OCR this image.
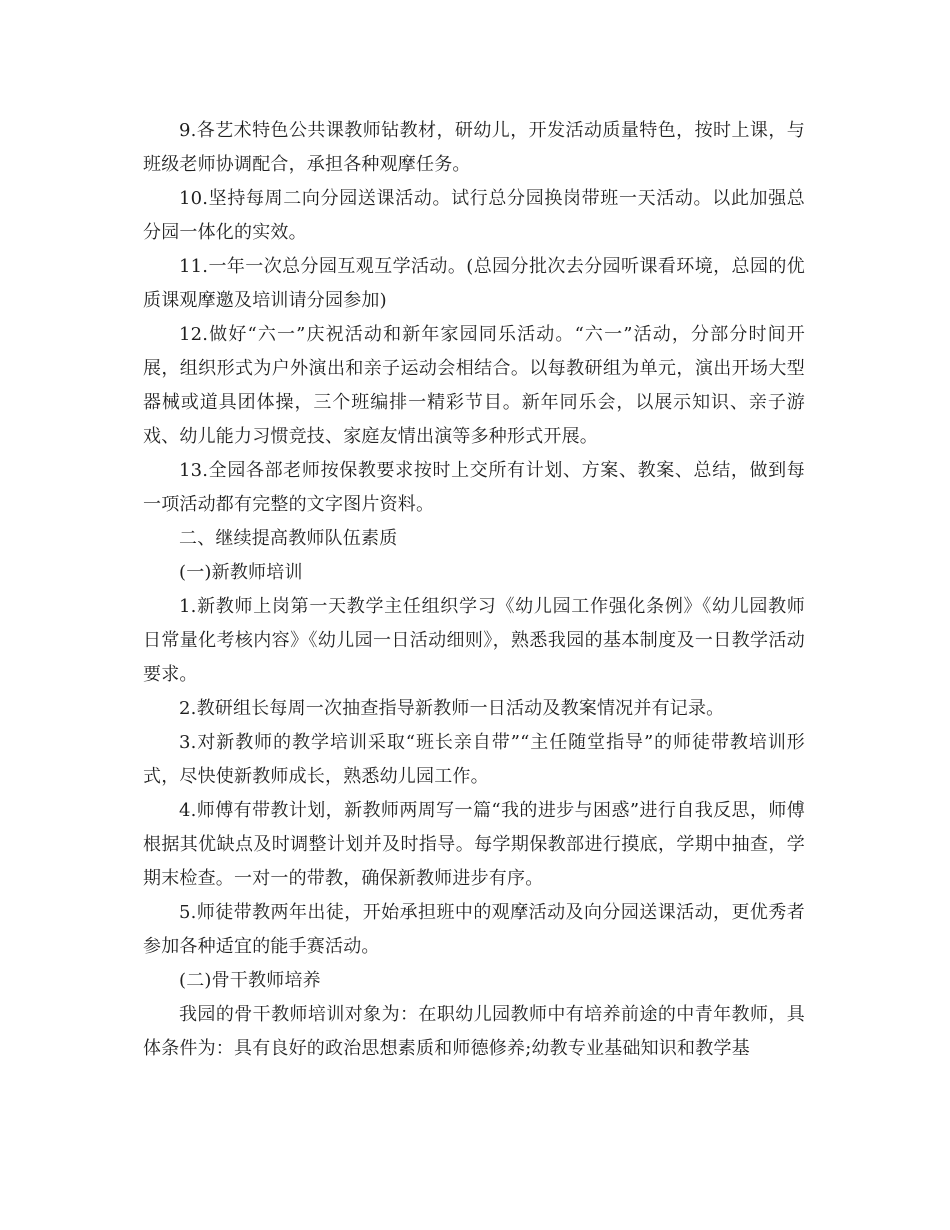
9.各艺术特色公共课教师钻教材，研幼儿，开发活动质量特色，按时上课，与班级老师协调配合，承担各种观摩任务。

10.坚持每周二向分园送课活动。试行总分园换岗带班一天活动。以此加强总分园一体化的实效。

11.一年一次总分园互观互学活动。(总园分批次去分园听课看环境，总园的优质课观摩邀及培训请分园参加)

12.做好“六一”庆祝活动和新年家园同乐活动。“六一”活动，分部分时间开展，组织形式为户外演出和亲子运动会相结合。以每教研组为单元，演出开场大型器械或道具团体操，三个班编排一精彩节目。新年同乐会，以展示知识、亲子游戏、幼儿能力习惯竞技、家庭友情出演等多种形式开展。

13.全园各部老师按保教要求按时上交所有计划、方案、教案、总结，做到每一项活动都有完整的文字图片资料。

二、继续提高教师队伍素质

(一)新教师培训

1.新教师上岗第一天教学主任组织学习《幼儿园工作强化条例》《幼儿园教师日常量化考核内容》《幼儿园一日活动细则》，熟悉我园的基本制度及一日教学活动要求。

2.教研组长每周一次抽查指导新教师一日活动及教案情况并有记录。

3.对新教师的教学培训采取“班长亲自带”“主任随堂指导”的师徒带教培训形式，尽快使新教师成长，熟悉幼儿园工作。

4.师傅有带教计划，新教师两周写一篇“我的进步与困惑”进行自我反思，师傅根据其优缺点及时调整计划并及时指导。每学期保教部进行摸底，学期中抽查，学期末检查。一对一的带教，确保新教师进步有序。

5.师徒带教两年出徒，开始承担班中的观摩活动及向分园送课活动，更优秀者参加各种适宜的能手赛活动。

(二)骨干教师培养

我园的骨干教师培训对象为：在职幼儿园教师中有培养前途的中青年教师，具体条件为：具有良好的政治思想素质和师德修养;幼教专业基础知识和教学基
